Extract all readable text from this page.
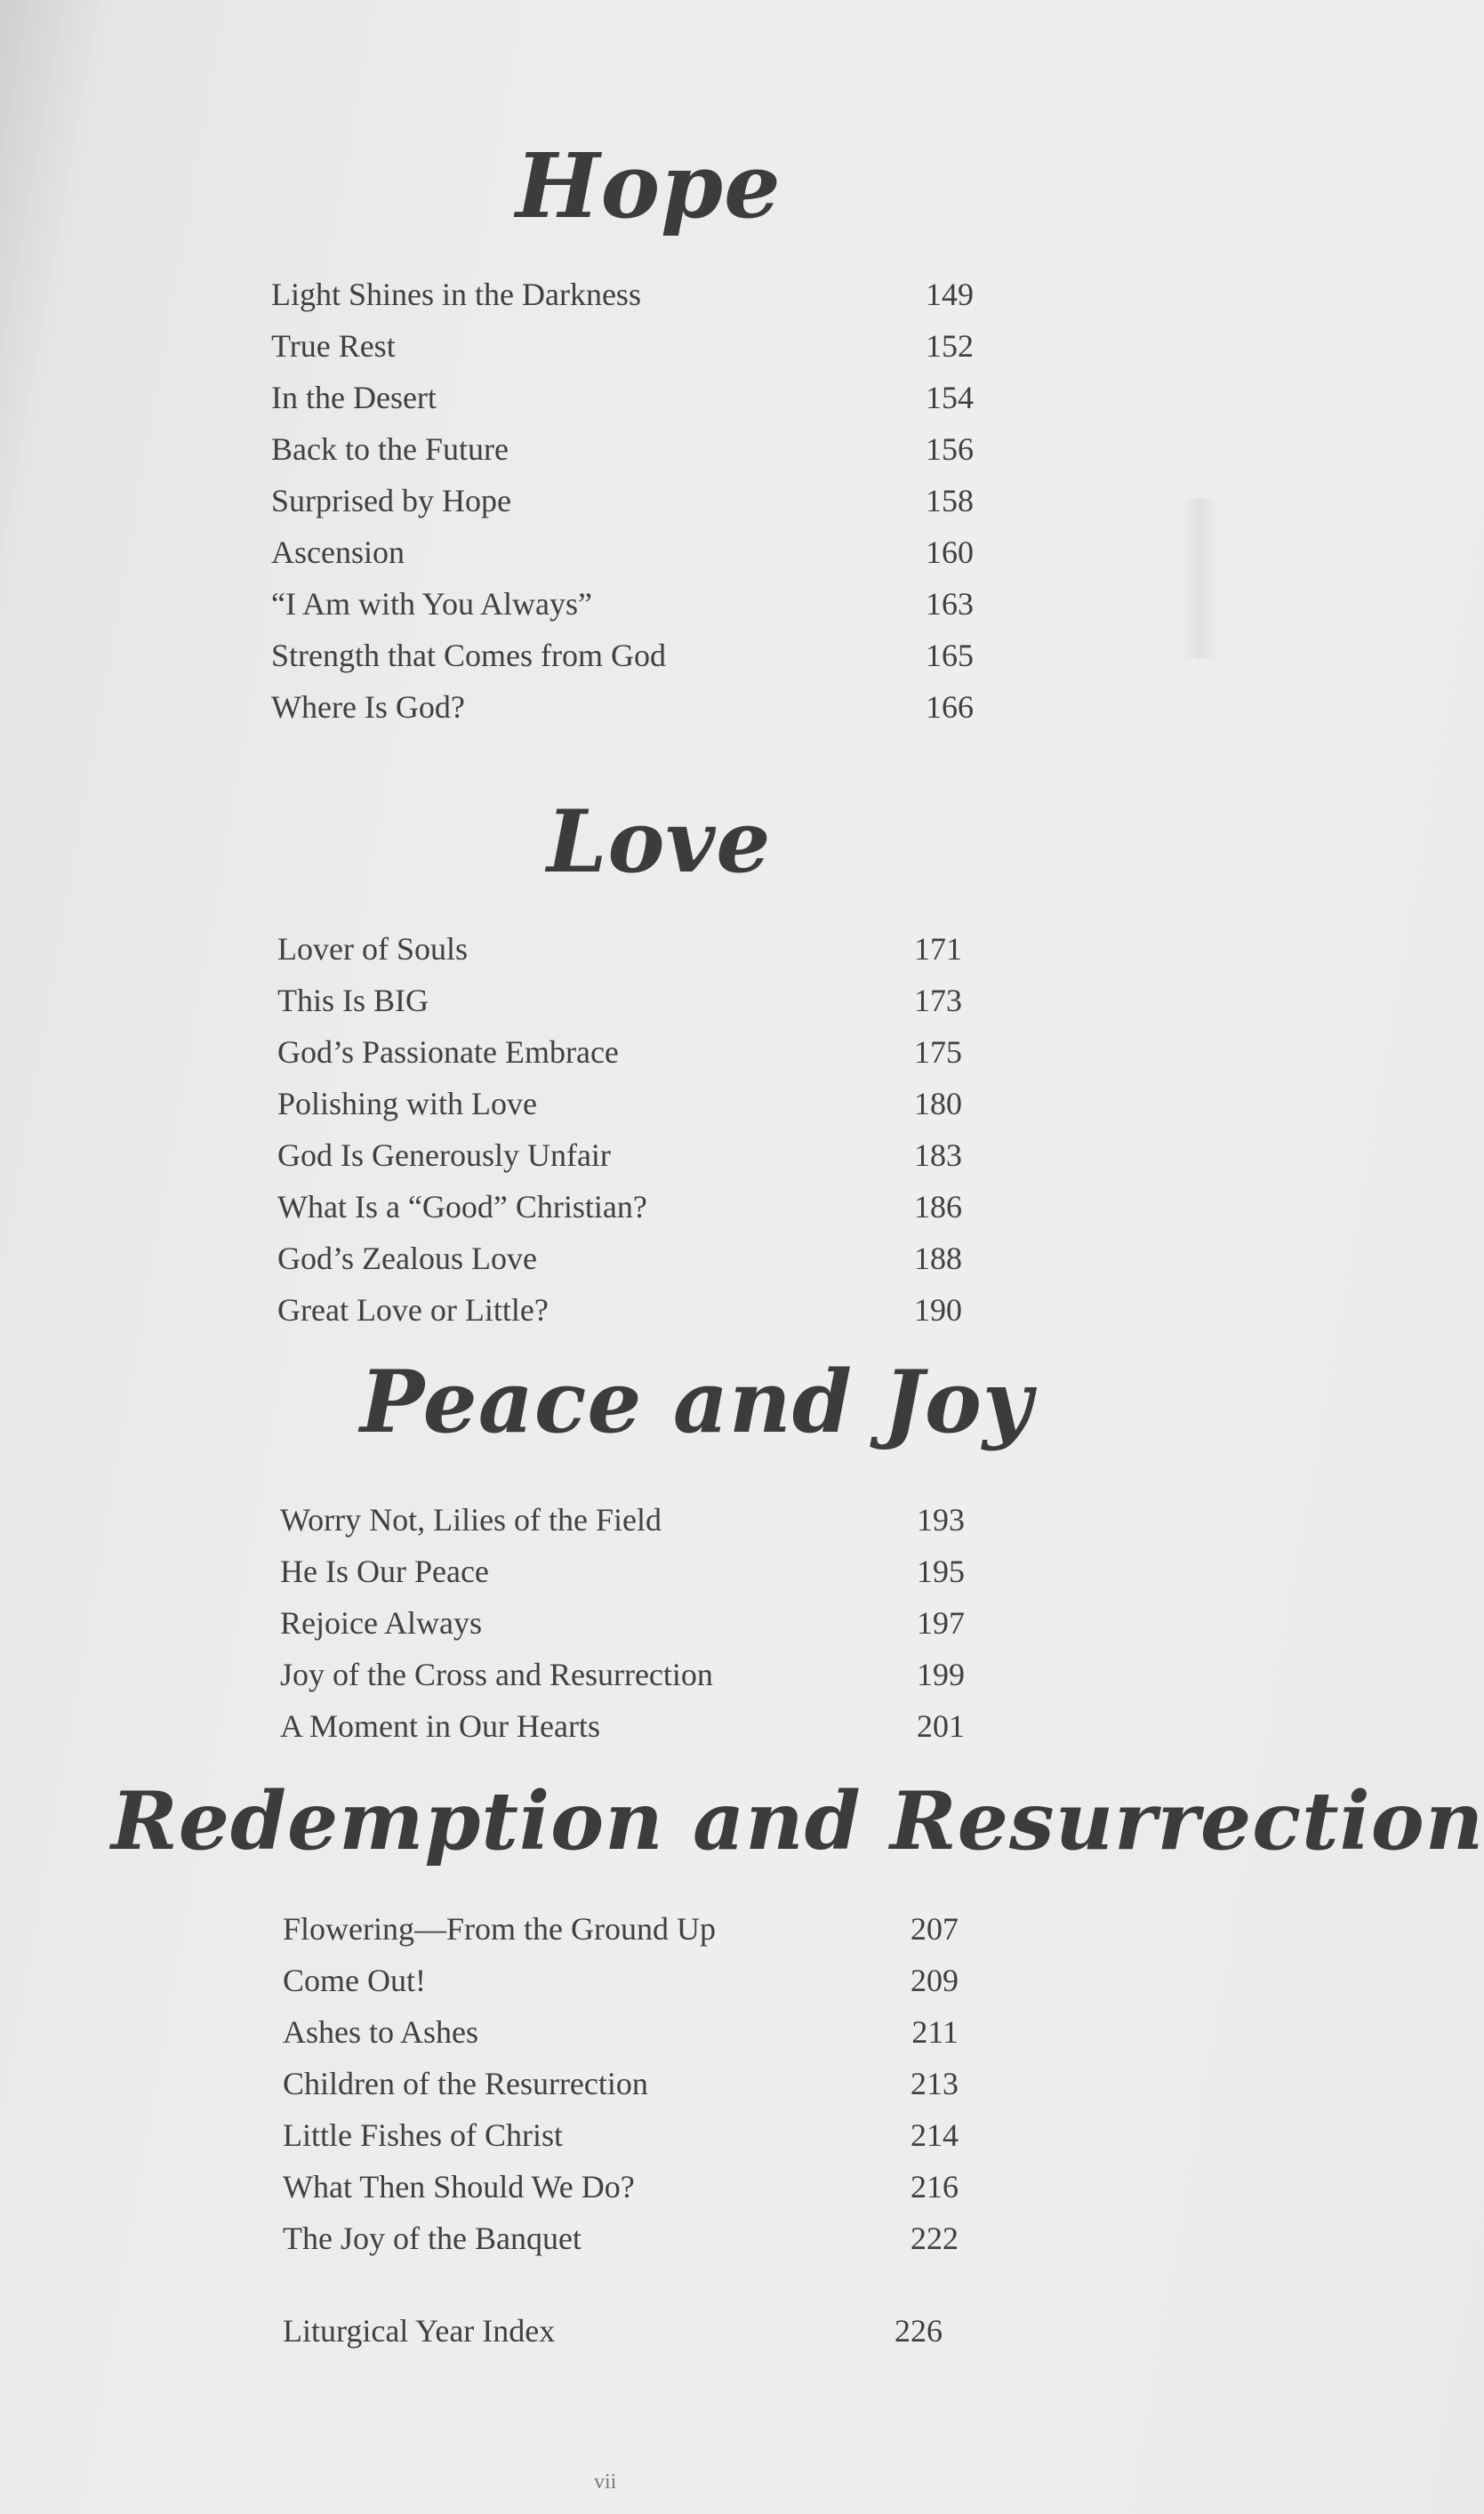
Hope
Light Shines in the Darkness	149
True Rest	152
In the Desert	154
Back to the Future	156
Surprised by Hope	158
Ascension	160
“I Am with You Always”	163
Strength that Comes from God	165
Where Is God?	166
Love
Lover of Souls	171
This Is BIG	173
God’s Passionate Embrace	175
Polishing with Love	180
God Is Generously Unfair	183
What Is a “Good” Christian?	186
God’s Zealous Love	188
Great Love or Little?	190
Peace and Joy
Worry Not, Lilies of the Field	193
He Is Our Peace	195
Rejoice Always	197
Joy of the Cross and Resurrection	199
A Moment in Our Hearts	201
Redemption and Resurrection
Flowering—From the Ground Up	207
Come Out!	209
Ashes to Ashes	211
Children of the Resurrection	213
Little Fishes of Christ	214
What Then Should We Do?	216
The Joy of the Banquet	222
Liturgical Year Index	226
vii
